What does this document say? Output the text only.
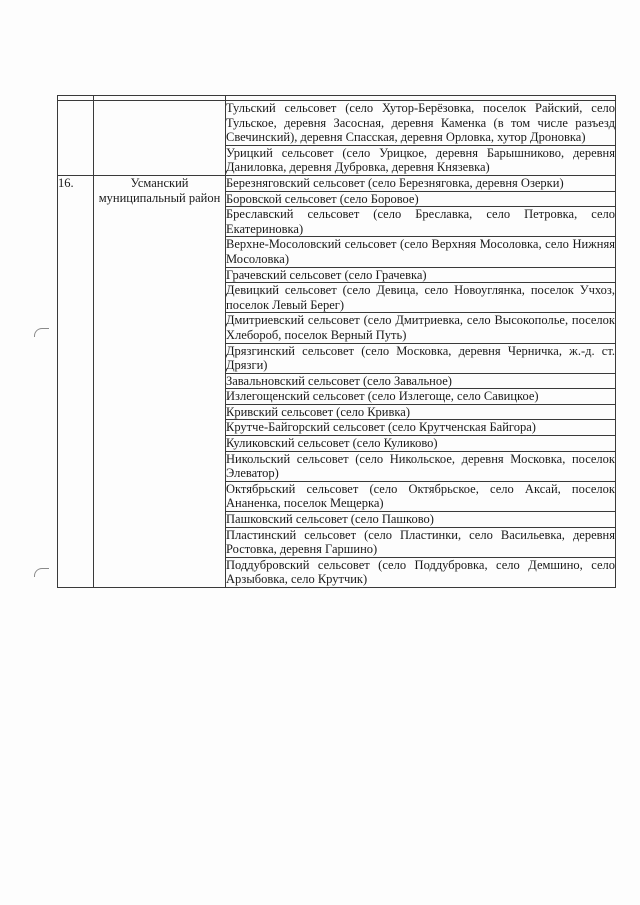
		Тульский сельсовет (село Хутор-Берёзовка, поселок Райский, село Тульское, деревня Засосная, деревня Каменка (в том числе разъезд Свечинский), деревня Спасская, деревня Орловка, хутор Дроновка)
		Урицкий сельсовет (село Урицкое, деревня Барышниково, деревня Даниловка, деревня Дубровка, деревня Князевка)
16.	Усманский муниципальный район	Березняговский сельсовет (село Березняговка, деревня Озерки)
		Боровской сельсовет (село Боровое)
		Бреславский сельсовет (село Бреславка, село Петровка, село Екатериновка)
		Верхне-Мосоловский сельсовет (село Верхняя Мосоловка, село Нижняя Мосоловка)
		Грачевский сельсовет (село Грачевка)
		Девицкий сельсовет (село Девица, село Новоуглянка, поселок Учхоз, поселок Левый Берег)
		Дмитриевский сельсовет (село Дмитриевка, село Высокополье, поселок Хлебороб, поселок Верный Путь)
		Дрязгинский сельсовет (село Московка, деревня Черничка, ж.-д. ст. Дрязги)
		Завальновский сельсовет (село Завальное)
		Излегощенский сельсовет (село Излегоще, село Савицкое)
		Кривский сельсовет (село Кривка)
		Крутче-Байгорский сельсовет (село Крутченская Байгора)
		Куликовский сельсовет (село Куликово)
		Никольский сельсовет (село Никольское, деревня Московка, поселок Элеватор)
		Октябрьский сельсовет (село Октябрьское, село Аксай, поселок Ананенка, поселок Мещерка)
		Пашковский сельсовет (село Пашково)
		Пластинский сельсовет (село Пластинки, село Васильевка, деревня Ростовка, деревня Гаршино)
		Поддубровский сельсовет (село Поддубровка, село Демшино, село Арзыбовка, село Крутчик)
